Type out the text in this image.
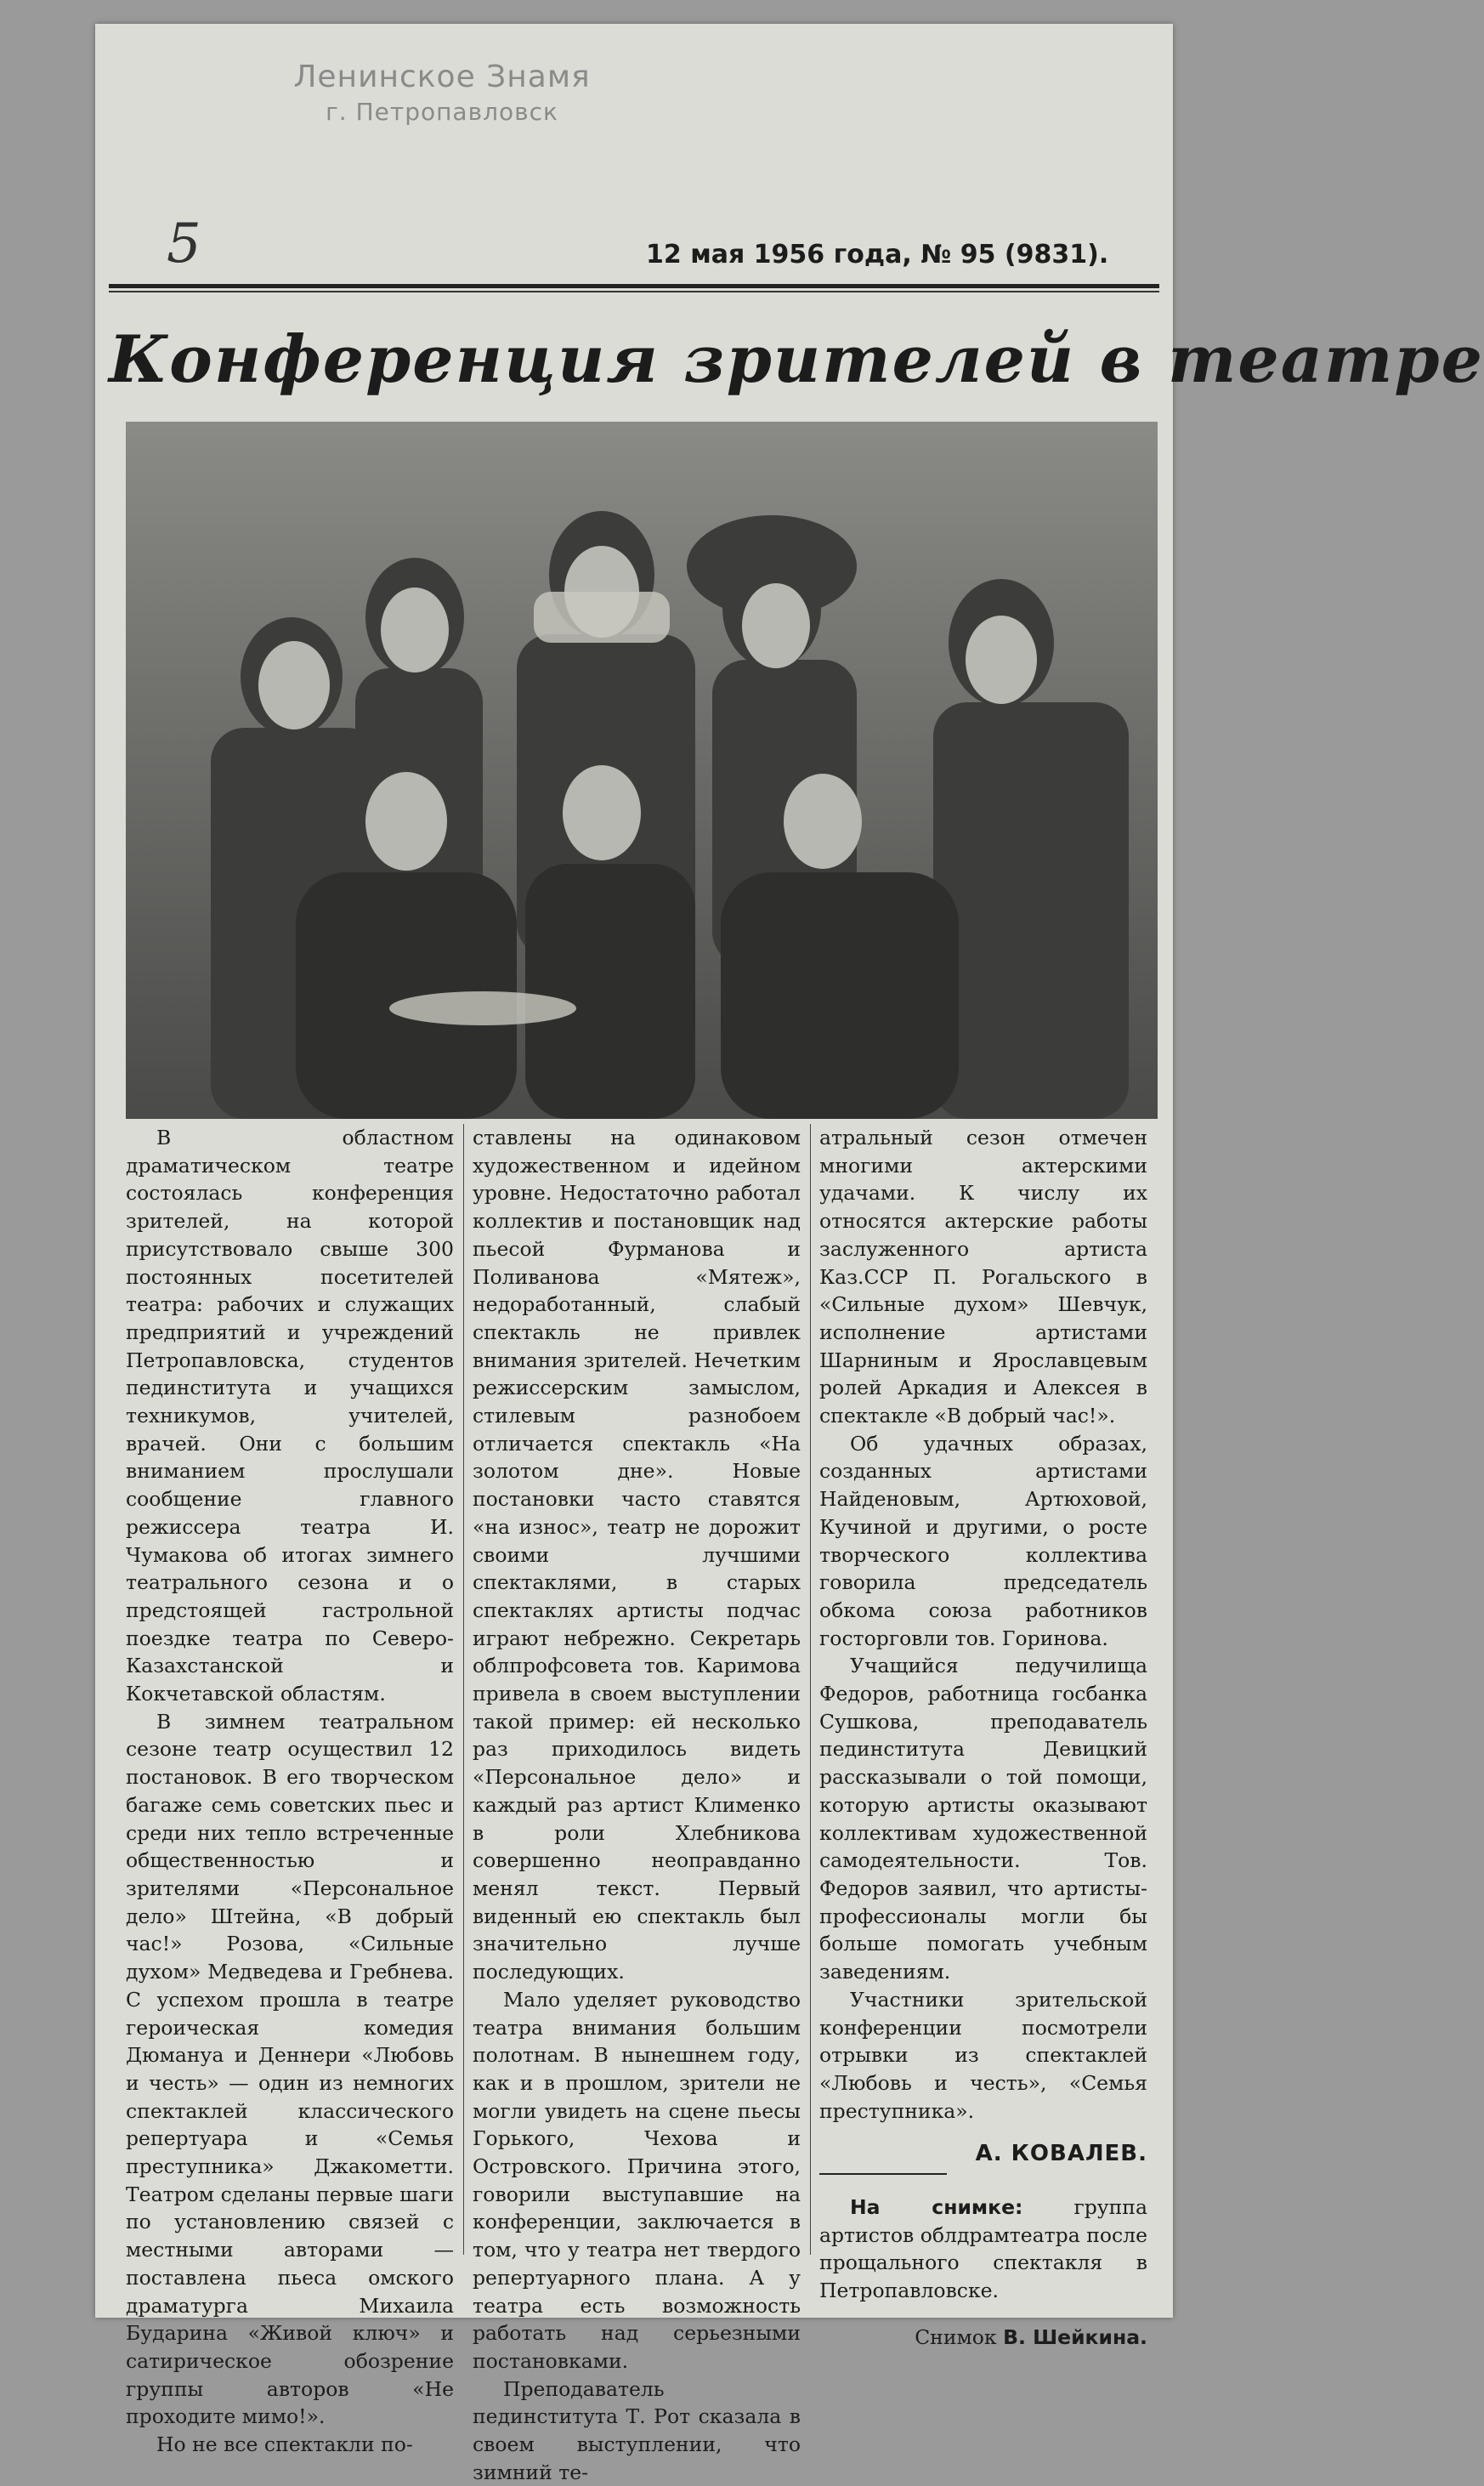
Ленинское Знамя
г. Петропавловск
5	12 мая 1956 года, № 95 (9831).
Конференция зрителей в театре

В областном драматическом театре состоялась конференция зрителей, на которой присутствовало свыше 300 постоянных посетителей театра: рабочих и служащих предприятий и учреждений Петропавловска, студентов пединститута и учащихся техникумов, учителей, врачей. Они с большим вниманием прослушали сообщение главного режиссера театра И. Чумакова об итогах зимнего театрального сезона и о предстоящей гастрольной поездке театра по Северо-Казахстанской и Кокчетавской областям.

В зимнем театральном сезоне театр осуществил 12 постановок. В его творческом багаже семь советских пьес и среди них тепло встреченные общественностью и зрителями «Персональное дело» Штейна, «В добрый час!» Розова, «Сильные духом» Медведева и Гребнева. С успехом прошла в театре героическая комедия Дюмануа и Деннери «Любовь и честь» — один из немногих спектаклей классического репертуара и «Семья преступника» Джакометти. Театром сделаны первые шаги по установлению связей с местными авторами — поставлена пьеса омского драматурга Михаила Бударина «Живой ключ» и сатирическое обозрение группы авторов «Не проходите мимо!».

Но не все спектакли по-

ставлены на одинаковом художественном и идейном уровне. Недостаточно работал коллектив и постановщик над пьесой Фурманова и Поливанова «Мятеж», недоработанный, слабый спектакль не привлек внимания зрителей. Нечетким режиссерским замыслом, стилевым разнобоем отличается спектакль «На золотом дне». Новые постановки часто ставятся «на износ», театр не дорожит своими лучшими спектаклями, в старых спектаклях артисты подчас играют небрежно. Секретарь облпрофсовета тов. Каримова привела в своем выступлении такой пример: ей несколько раз приходилось видеть «Персональное дело» и каждый раз артист Клименко в роли Хлебникова совершенно неоправданно менял текст. Первый виденный ею спектакль был значительно лучше последующих.

Мало уделяет руководство театра внимания большим полотнам. В нынешнем году, как и в прошлом, зрители не могли увидеть на сцене пьесы Горького, Чехова и Островского. Причина этого, говорили выступавшие на конференции, заключается в том, что у театра нет твердого репертуарного плана. А у театра есть возможность работать над серьезными постановками.

Преподаватель пединститута Т. Рот сказала в своем выступлении, что зимний те-

атральный сезон отмечен многими актерскими удачами. К числу их относятся актерские работы заслуженного артиста Каз.ССР П. Рогальского в «Сильные духом» Шевчук, исполнение артистами Шарниным и Ярославцевым ролей Аркадия и Алексея в спектакле «В добрый час!».

Об удачных образах, созданных артистами Найденовым, Артюховой, Кучиной и другими, о росте творческого коллектива говорила председатель обкома союза работников госторговли тов. Горинова.

Учащийся педучилища Федоров, работница госбанка Сушкова, преподаватель пединститута Девицкий рассказывали о той помощи, которую артисты оказывают коллективам художественной самодеятельности. Тов. Федоров заявил, что артисты-профессионалы могли бы больше помогать учебным заведениям.

Участники зрительской конференции посмотрели отрывки из спектаклей «Любовь и честь», «Семья преступника».

А. КОВАЛЕВ.

На снимке:	группа артистов облдрамтеатра после прощального спектакля в Петропавловске.

Снимок В. Шейкина.
